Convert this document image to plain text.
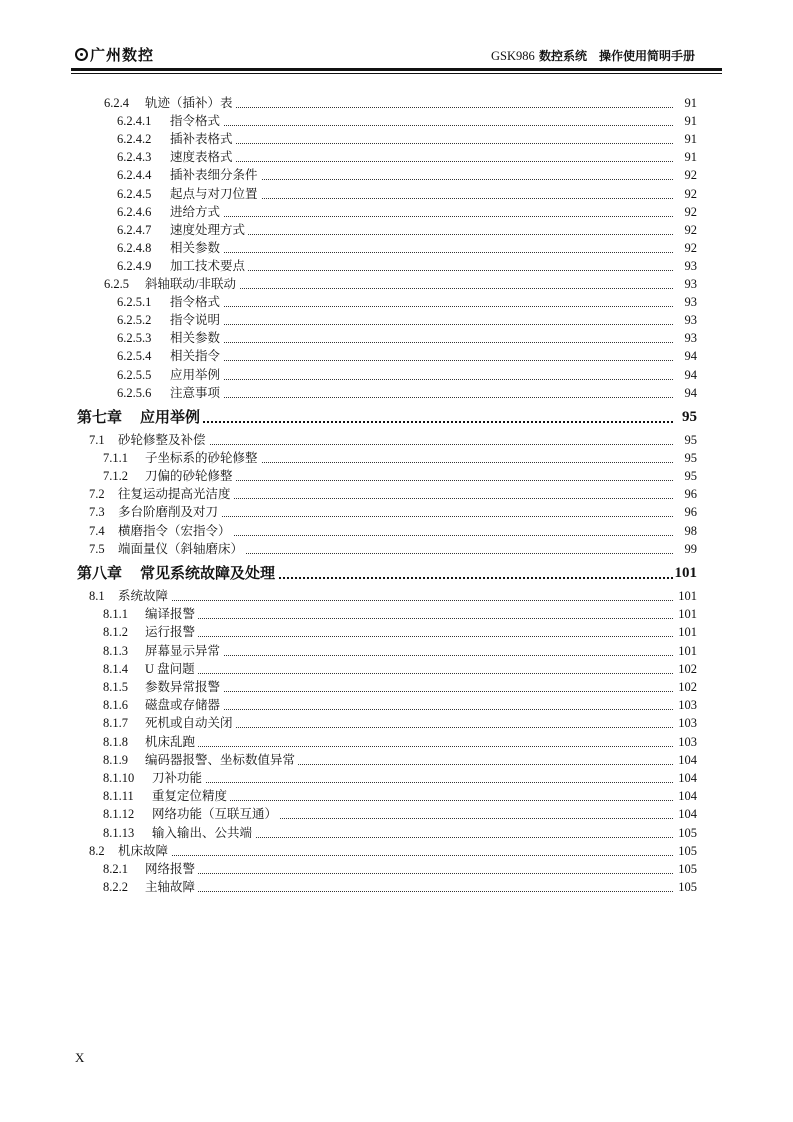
广州数控	GSK986 数控系统　操作使用简明手册
6.2.4 轨迹（插补）表	91
6.2.4.1 指令格式	91
6.2.4.2 插补表格式	91
6.2.4.3 速度表格式	91
6.2.4.4 插补表细分条件	92
6.2.4.5 起点与对刀位置	92
6.2.4.6 进给方式	92
6.2.4.7 速度处理方式	92
6.2.4.8 相关参数	92
6.2.4.9 加工技术要点	93
6.2.5 斜轴联动/非联动	93
6.2.5.1 指令格式	93
6.2.5.2 指令说明	93
6.2.5.3 相关参数	93
6.2.5.4 相关指令	94
6.2.5.5 应用举例	94
6.2.5.6 注意事项	94
第七章 应用举例	95
7.1 砂轮修整及补偿	95
7.1.1 子坐标系的砂轮修整	95
7.1.2 刀偏的砂轮修整	95
7.2 往复运动提高光洁度	96
7.3 多台阶磨削及对刀	96
7.4 横磨指令（宏指令）	98
7.5 端面量仪（斜轴磨床）	99
第八章 常见系统故障及处理	101
8.1 系统故障	101
8.1.1 编译报警	101
8.1.2 运行报警	101
8.1.3 屏幕显示异常	101
8.1.4 U 盘问题	102
8.1.5 参数异常报警	102
8.1.6 磁盘或存储器	103
8.1.7 死机或自动关闭	103
8.1.8 机床乱跑	103
8.1.9 编码器报警、坐标数值异常	104
8.1.10 刀补功能	104
8.1.11 重复定位精度	104
8.1.12 网络功能（互联互通）	104
8.1.13 输入输出、公共端	105
8.2 机床故障	105
8.2.1 网络报警	105
8.2.2 主轴故障	105
X
